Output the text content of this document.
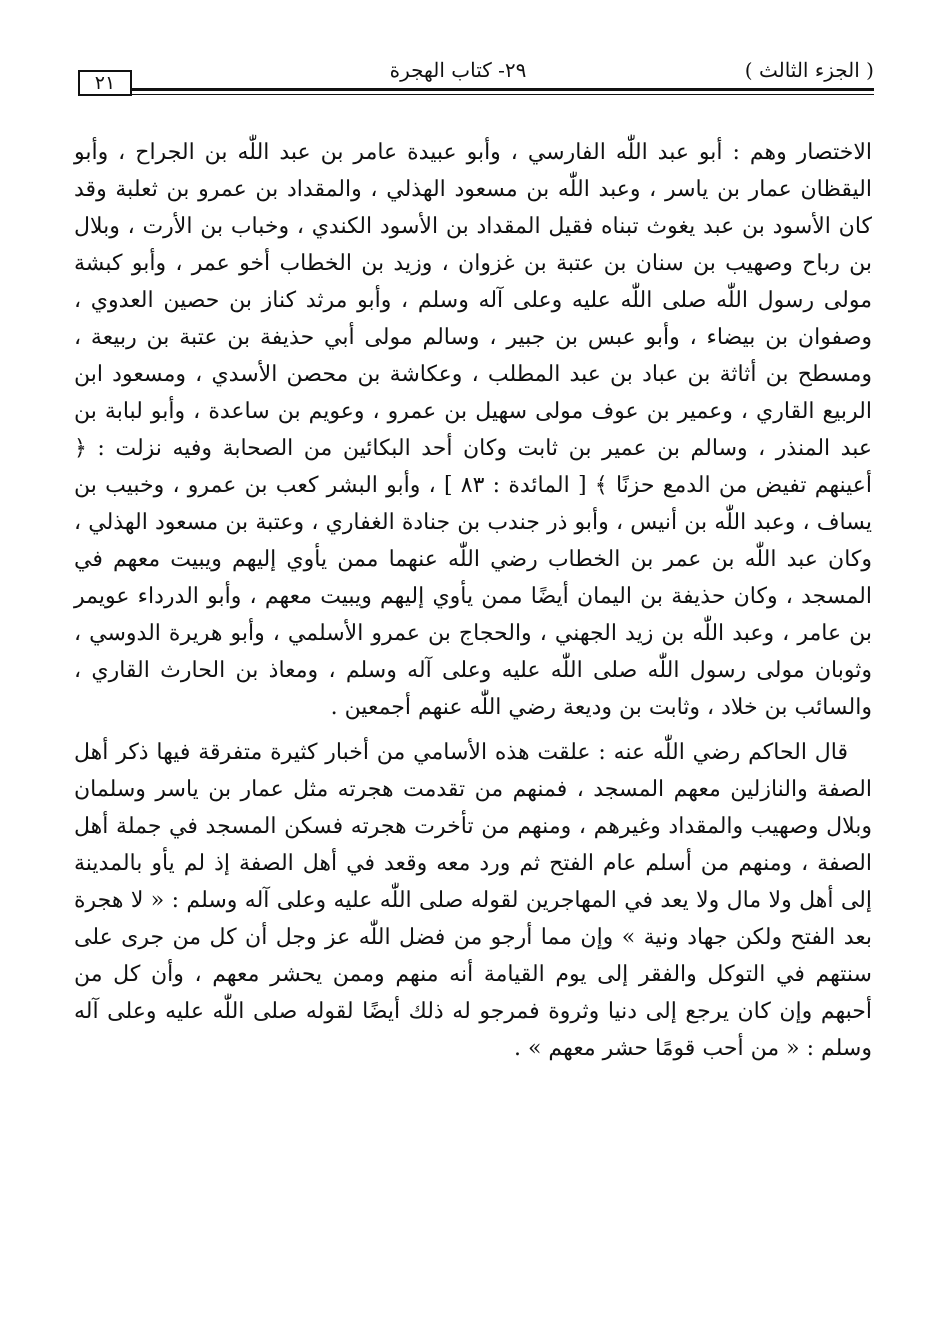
٢١
٢٩- كتاب الهجرة	( الجزء الثالث )

الاختصار وهم : أبو عبد اللّٰه الفارسي ، وأبو عبيدة عامر بن عبد اللّٰه بن الجراح ، وأبو اليقظان عمار بن ياسر ، وعبد اللّٰه بن مسعود الهذلي ، والمقداد بن عمرو بن ثعلبة وقد كان الأسود بن عبد يغوث تبناه فقيل المقداد بن الأسود الكندي ، وخباب بن الأرت ، وبلال بن رباح وصهيب بن سنان بن عتبة بن غزوان ، وزيد بن الخطاب أخو عمر ، وأبو كبشة مولى رسول اللّٰه صلى اللّٰه عليه وعلى آله وسلم ، وأبو مرثد كناز بن حصين العدوي ، وصفوان بن بيضاء ، وأبو عبس بن جبير ، وسالم مولى أبي حذيفة بن عتبة بن ربيعة ، ومسطح بن أثاثة بن عباد بن عبد المطلب ، وعكاشة بن محصن الأسدي ، ومسعود ابن الربيع القاري ، وعمير بن عوف مولى سهيل بن عمرو ، وعويم بن ساعدة ، وأبو لبابة بن عبد المنذر ، وسالم بن عمير بن ثابت وكان أحد البكائين من الصحابة وفيه نزلت : ﴿ أعينهم تفيض من الدمع حزنًا ﴾ [ المائدة : ٨٣ ] ، وأبو البشر كعب بن عمرو ، وخبيب بن يساف ، وعبد اللّٰه بن أنيس ، وأبو ذر جندب بن جنادة الغفاري ، وعتبة بن مسعود الهذلي ، وكان عبد اللّٰه بن عمر بن الخطاب رضي اللّٰه عنهما ممن يأوي إليهم ويبيت معهم في المسجد ، وكان حذيفة بن اليمان أيضًا ممن يأوي إليهم ويبيت معهم ، وأبو الدرداء عويمر بن عامر ، وعبد اللّٰه بن زيد الجهني ، والحجاج بن عمرو الأسلمي ، وأبو هريرة الدوسي ، وثوبان مولى رسول اللّٰه صلى اللّٰه عليه وعلى آله وسلم ، ومعاذ بن الحارث القاري ، والسائب بن خلاد ، وثابت بن وديعة رضي اللّٰه عنهم أجمعين .

قال الحاكم رضي اللّٰه عنه : علقت هذه الأسامي من أخبار كثيرة متفرقة فيها ذكر أهل الصفة والنازلين معهم المسجد ، فمنهم من تقدمت هجرته مثل عمار بن ياسر وسلمان وبلال وصهيب والمقداد وغيرهم ، ومنهم من تأخرت هجرته فسكن المسجد في جملة أهل الصفة ، ومنهم من أسلم عام الفتح ثم ورد معه وقعد في أهل الصفة إذ لم يأو بالمدينة إلى أهل ولا مال ولا يعد في المهاجرين لقوله صلى اللّٰه عليه وعلى آله وسلم : « لا هجرة بعد الفتح ولكن جهاد ونية » وإن مما أرجو من فضل اللّٰه عز وجل أن كل من جرى على سنتهم في التوكل والفقر إلى يوم القيامة أنه منهم وممن يحشر معهم ، وأن كل من أحبهم وإن كان يرجع إلى دنيا وثروة فمرجو له ذلك أيضًا لقوله صلى اللّٰه عليه وعلى آله وسلم : « من أحب قومًا حشر معهم » .
